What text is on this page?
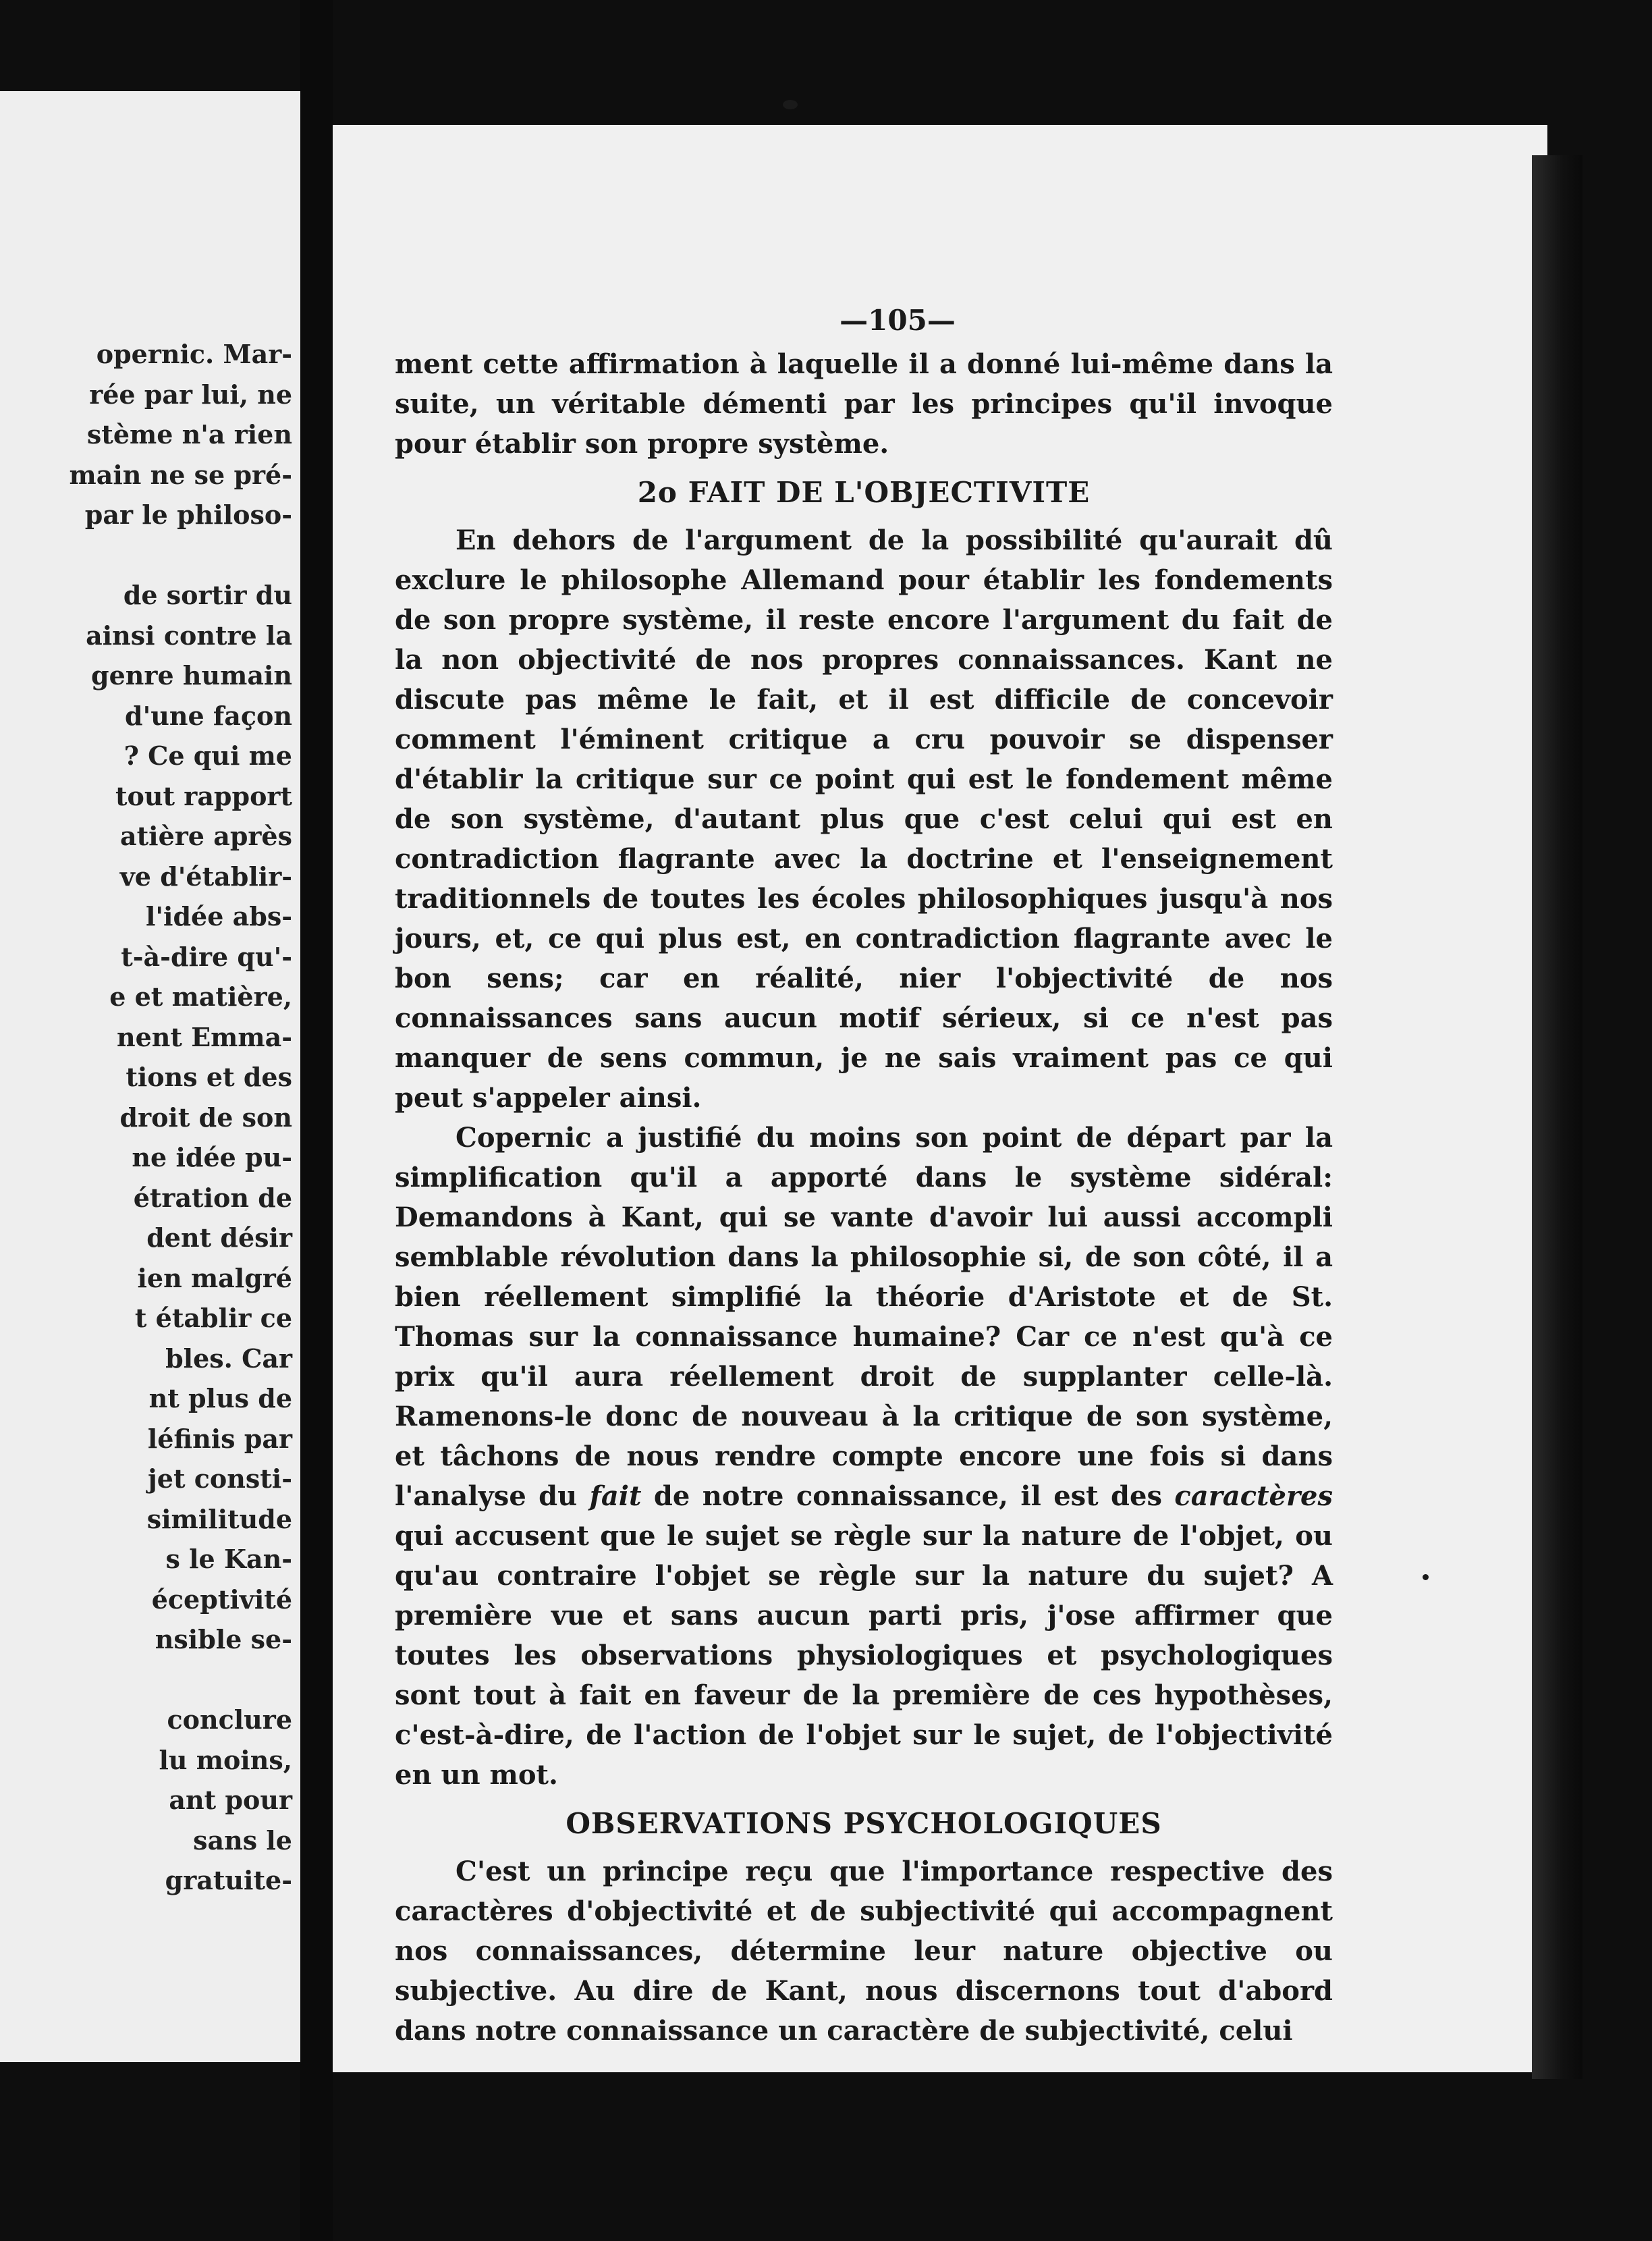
opernic. Mar-
rée par lui, ne
stème n'a rien
main ne se pré-
par le philoso-
de sortir du
ainsi contre la
genre humain
d'une façon
? Ce qui me
tout rapport
atière après
ve d'établir-
l'idée abs-
t-à-dire qu'-
e et matière,
nent Emma-
tions et des
droit de son
ne idée pu-
étration de
dent désir
ien malgré
t établir ce
bles. Car
nt plus de
léfinis par
jet consti-
similitude
s le Kan-
éceptivité
nsible se-
conclure
lu moins,
ant pour
sans le
gratuite-
—105—

ment cette affirmation à laquelle il a donné lui-même dans la suite, un véritable démenti par les principes qu'il invoque pour établir son propre système.

2o FAIT DE L'OBJECTIVITE

En dehors de l'argument de la possibilité qu'aurait dû exclure le philosophe Allemand pour établir les fondements de son propre système, il reste encore l'argument du fait de la non objectivité de nos propres connaissances. Kant ne discute pas même le fait, et il est difficile de concevoir comment l'éminent critique a cru pouvoir se dispenser d'établir la critique sur ce point qui est le fondement même de son système, d'autant plus que c'est celui qui est en contradiction flagrante avec la doctrine et l'enseignement traditionnels de toutes les écoles philosophiques jusqu'à nos jours, et, ce qui plus est, en contradiction flagrante avec le bon sens; car en réalité, nier l'objectivité de nos connaissances sans aucun motif sérieux, si ce n'est pas manquer de sens commun, je ne sais vraiment pas ce qui peut s'appeler ainsi.

Copernic a justifié du moins son point de départ par la simplification qu'il a apporté dans le système sidéral: Demandons à Kant, qui se vante d'avoir lui aussi accompli semblable révolution dans la philosophie si, de son côté, il a bien réellement simplifié la théorie d'Aristote et de St. Thomas sur la connaissance humaine? Car ce n'est qu'à ce prix qu'il aura réellement droit de supplanter celle-là. Ramenons-le donc de nouveau à la critique de son système, et tâchons de nous rendre compte encore une fois si dans l'analyse du fait de notre connaissance, il est des caractères qui accusent que le sujet se règle sur la nature de l'objet, ou qu'au contraire l'objet se règle sur la nature du sujet? A première vue et sans aucun parti pris, j'ose affirmer que toutes les observations physiologiques et psychologiques sont tout à fait en faveur de la première de ces hypothèses, c'est-à-dire, de l'action de l'objet sur le sujet, de l'objectivité en un mot.

OBSERVATIONS PSYCHOLOGIQUES

C'est un principe reçu que l'importance respective des caractères d'objectivité et de subjectivité qui accompagnent nos connaissances, détermine leur nature objective ou subjective. Au dire de Kant, nous discernons tout d'abord dans notre connaissance un caractère de subjectivité, celui
